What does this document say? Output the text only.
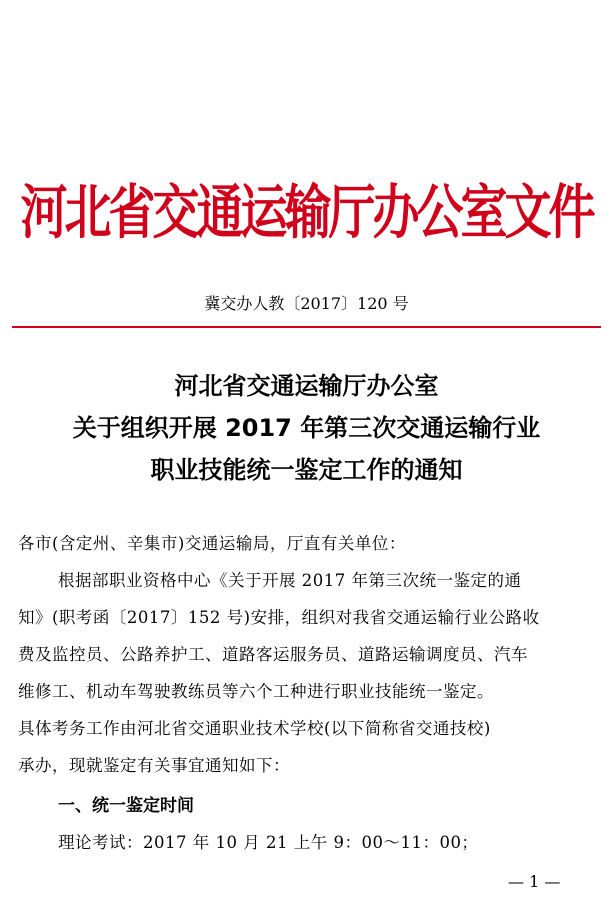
河北省交通运输厅办公室文件
冀交办人教〔2017〕120 号
河北省交通运输厅办公室
关于组织开展 2017 年第三次交通运输行业
职业技能统一鉴定工作的通知
各市(含定州、辛集市)交通运输局，厅直有关单位：
根据部职业资格中心《关于开展 2017 年第三次统一鉴定的通
知》(职考函〔2017〕152 号)安排，组织对我省交通运输行业公路收
费及监控员、公路养护工、道路客运服务员、道路运输调度员、汽车
维修工、机动车驾驶教练员等六个工种进行职业技能统一鉴定。
具体考务工作由河北省交通职业技术学校(以下简称省交通技校)
承办，现就鉴定有关事宜通知如下：
一、统一鉴定时间
理论考试：2017 年 10 月 21 上午 9：00～11：00；
— 1 —
